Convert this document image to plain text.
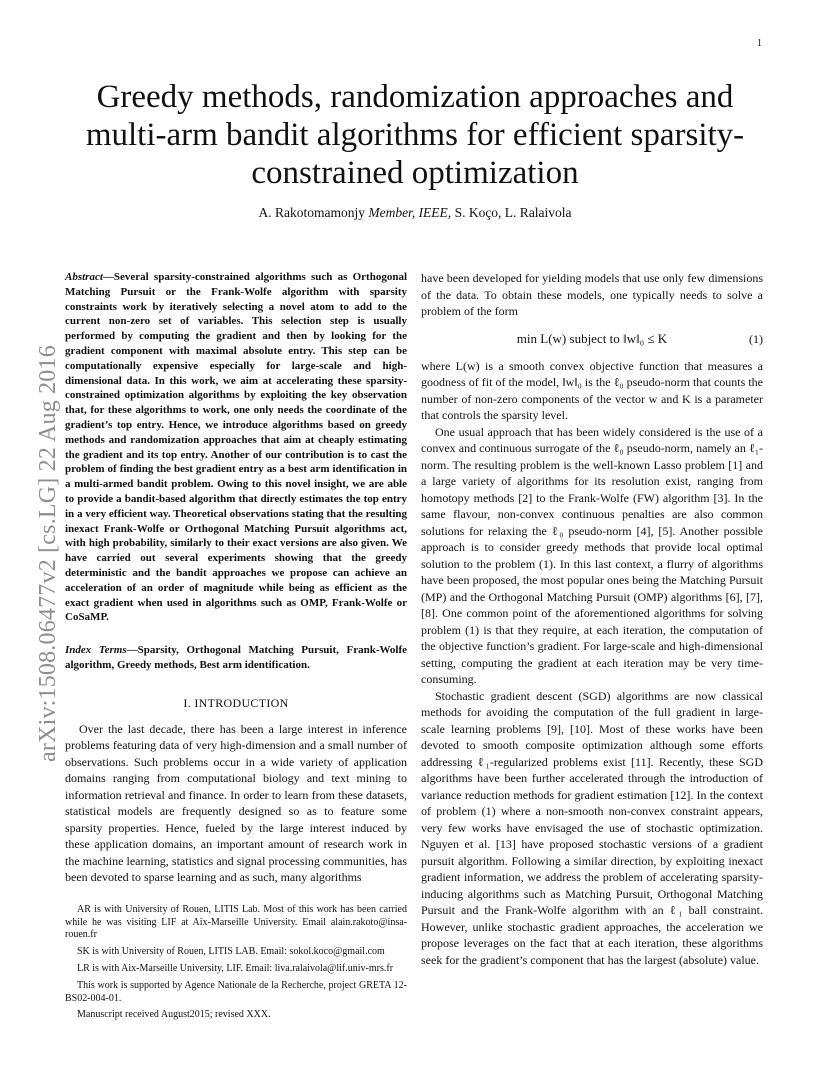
1
arXiv:1508.06477v2 [cs.LG] 22 Aug 2016
Greedy methods, randomization approaches and multi-arm bandit algorithms for efficient sparsity-constrained optimization
A. Rakotomamonjy Member, IEEE, S. Koço, L. Ralaivola

Abstract—Several sparsity-constrained algorithms such as Orthogonal Matching Pursuit or the Frank-Wolfe algorithm with sparsity constraints work by iteratively selecting a novel atom to add to the current non-zero set of variables. This selection step is usually performed by computing the gradient and then by looking for the gradient component with maximal absolute entry. This step can be computationally expensive especially for large-scale and high-dimensional data. In this work, we aim at accelerating these sparsity-constrained optimization algorithms by exploiting the key observation that, for these algorithms to work, one only needs the coordinate of the gradient’s top entry. Hence, we introduce algorithms based on greedy methods and randomization approaches that aim at cheaply estimating the gradient and its top entry. Another of our contribution is to cast the problem of finding the best gradient entry as a best arm identification in a multi-armed bandit problem. Owing to this novel insight, we are able to provide a bandit-based algorithm that directly estimates the top entry in a very efficient way. Theoretical observations stating that the resulting inexact Frank-Wolfe or Orthogonal Matching Pursuit algorithms act, with high probability, similarly to their exact versions are also given. We have carried out several experiments showing that the greedy deterministic and the bandit approaches we propose can achieve an acceleration of an order of magnitude while being as efficient as the exact gradient when used in algorithms such as OMP, Frank-Wolfe or CoSaMP.

Index Terms—Sparsity, Orthogonal Matching Pursuit, Frank-Wolfe algorithm, Greedy methods, Best arm identification.

I. INTRODUCTION

Over the last decade, there has been a large interest in inference problems featuring data of very high-dimension and a small number of observations. Such problems occur in a wide variety of application domains ranging from computational biology and text mining to information retrieval and finance. In order to learn from these datasets, statistical models are frequently designed so as to feature some sparsity properties. Hence, fueled by the large interest induced by these application domains, an important amount of research work in the machine learning, statistics and signal processing communities, has been devoted to sparse learning and as such, many algorithms

AR is with University of Rouen, LITIS Lab. Most of this work has been carried while he was visiting LIF at Aix-Marseille University. Email alain.rakoto@insa-rouen.fr

SK is with University of Rouen, LITIS LAB. Email: sokol.koco@gmail.com

LR is with Aix-Marseille University, LIF. Email: liva.ralaivola@lif.univ-mrs.fr

This work is supported by Agence Nationale de la Recherche, project GRETA 12-BS02-004-01.

Manuscript received August2015; revised XXX.

have been developed for yielding models that use only few dimensions of the data. To obtain these models, one typically needs to solve a problem of the form

min L(w) subject to ‖w‖₀ ≤ K	(1)

where L(w) is a smooth convex objective function that measures a goodness of fit of the model, ‖w‖₀ is the ℓ₀ pseudo-norm that counts the number of non-zero components of the vector w and K is a parameter that controls the sparsity level.

One usual approach that has been widely considered is the use of a convex and continuous surrogate of the ℓ₀ pseudo-norm, namely an ℓ₁-norm. The resulting problem is the well-known Lasso problem [1] and a large variety of algorithms for its resolution exist, ranging from homotopy methods [2] to the Frank-Wolfe (FW) algorithm [3]. In the same flavour, non-convex continuous penalties are also common solutions for relaxing the ℓ₀ pseudo-norm [4], [5]. Another possible approach is to consider greedy methods that provide local optimal solution to the problem (1). In this last context, a flurry of algorithms have been proposed, the most popular ones being the Matching Pursuit (MP) and the Orthogonal Matching Pursuit (OMP) algorithms [6], [7], [8]. One common point of the aforementioned algorithms for solving problem (1) is that they require, at each iteration, the computation of the objective function’s gradient. For large-scale and high-dimensional setting, computing the gradient at each iteration may be very time-consuming.

Stochastic gradient descent (SGD) algorithms are now classical methods for avoiding the computation of the full gradient in large-scale learning problems [9], [10]. Most of these works have been devoted to smooth composite optimization although some efforts addressing ℓ₁-regularized problems exist [11]. Recently, these SGD algorithms have been further accelerated through the introduction of variance reduction methods for gradient estimation [12]. In the context of problem (1) where a non-smooth non-convex constraint appears, very few works have envisaged the use of stochastic optimization. Nguyen et al. [13] have proposed stochastic versions of a gradient pursuit algorithm. Following a similar direction, by exploiting inexact gradient information, we address the problem of accelerating sparsity-inducing algorithms such as Matching Pursuit, Orthogonal Matching Pursuit and the Frank-Wolfe algorithm with an ℓ₁ ball constraint. However, unlike stochastic gradient approaches, the acceleration we propose leverages on the fact that at each iteration, these algorithms seek for the gradient’s component that has the largest (absolute) value.
